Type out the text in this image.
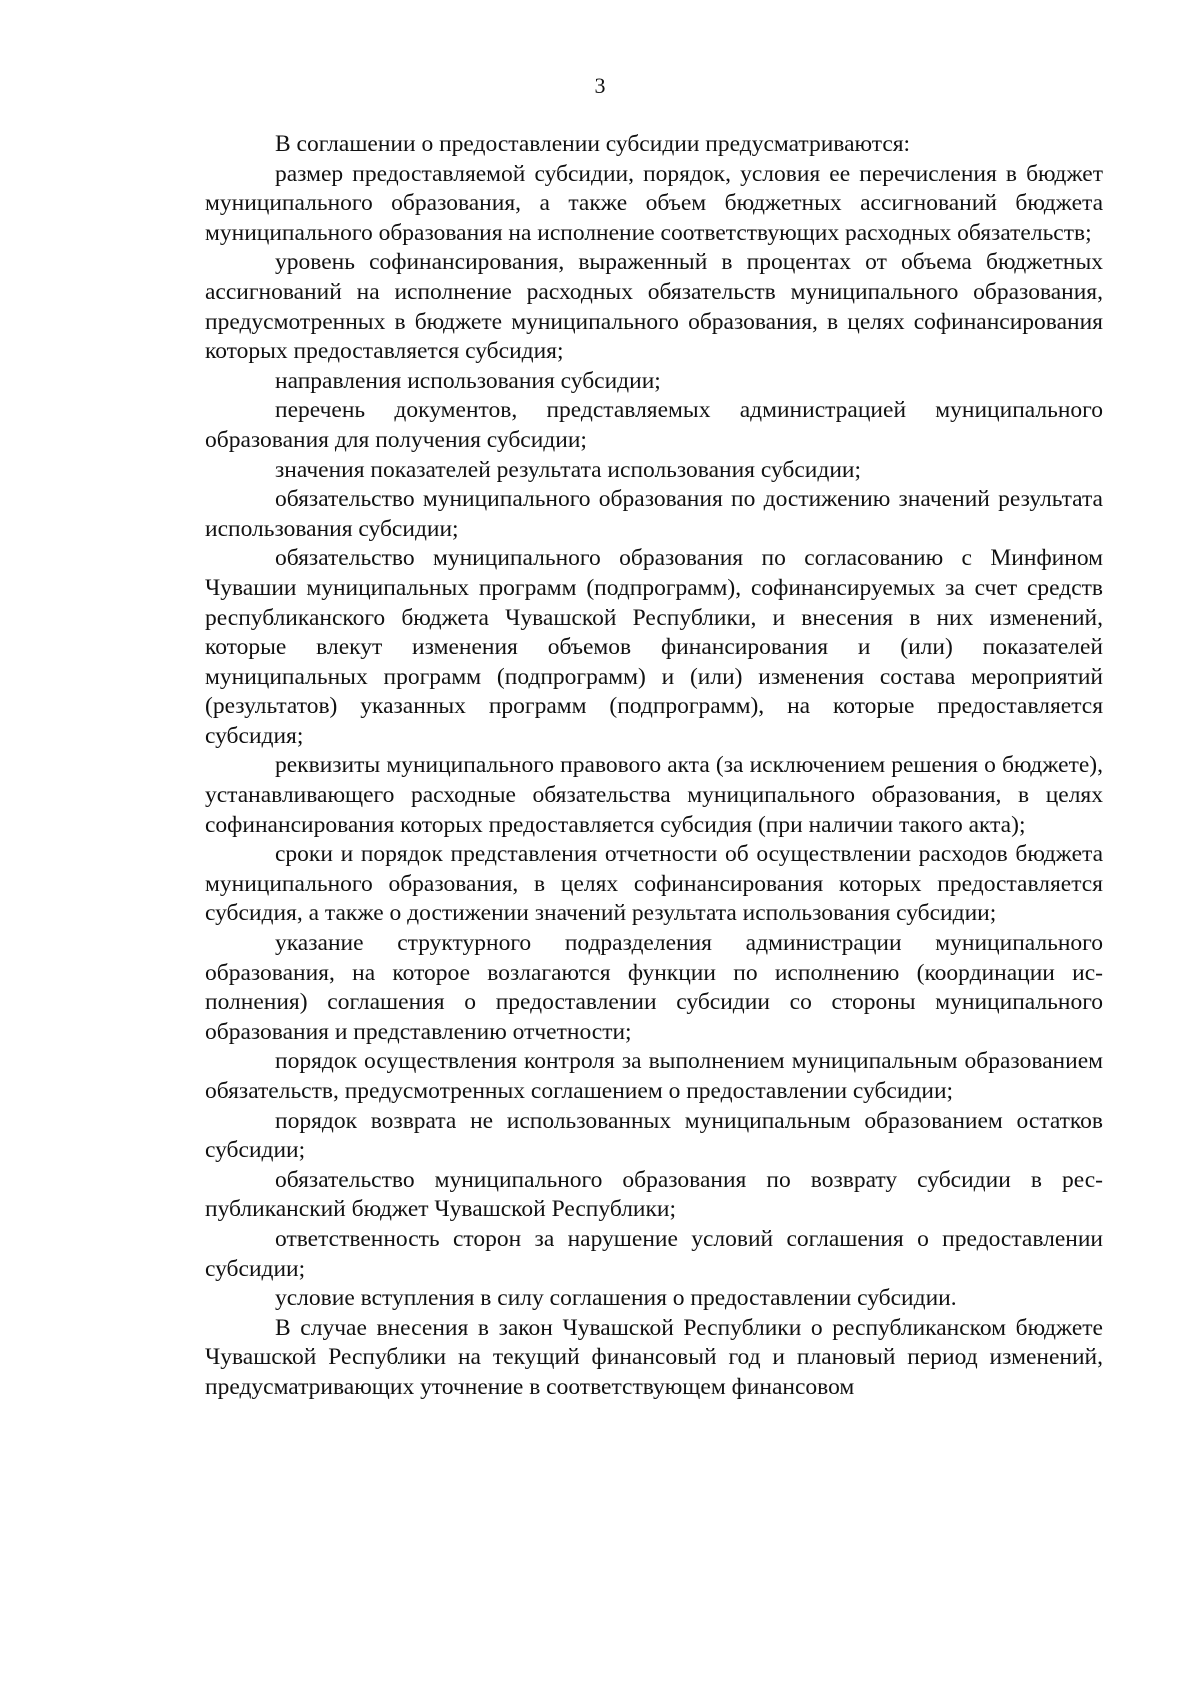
3

В соглашении о предоставлении субсидии предусматриваются:

размер предоставляемой субсидии, порядок, условия ее перечисления в бюджет муниципального образования, а также объем бюджетных ассигнований бюджета муниципального образования на исполнение соответствующих расходных обязательств;

уровень софинансирования, выраженный в процентах от объема бюджетных ассигнований на исполнение расходных обязательств муниципального образования, предусмотренных в бюджете муниципального образования, в целях софинансирования которых предоставляется субсидия;

направления использования субсидии;

перечень документов, представляемых администрацией муниципального образования для получения субсидии;

значения показателей результата использования субсидии;

обязательство муниципального образования по достижению значений результата использования субсидии;

обязательство муниципального образования по согласованию с Минфином Чувашии муниципальных программ (подпрограмм), софинансируемых за счет средств республиканского бюджета Чувашской Республики, и внесения в них изменений, которые влекут изменения объемов финансирования и (или) показателей муниципальных программ (подпрограмм) и (или) изменения состава мероприятий (результатов) указанных программ (подпрограмм), на которые предоставляется субсидия;

реквизиты муниципального правового акта (за исключением решения о бюджете), устанавливающего расходные обязательства муниципального образования, в целях софинансирования которых предоставляется субсидия (при наличии такого акта);

сроки и порядок представления отчетности об осуществлении расходов бюджета муниципального образования, в целях софинансирования которых предоставляется субсидия, а также о достижении значений результата использования субсидии;

указание структурного подразделения администрации муниципального образования, на которое возлагаются функции по исполнению (координации исполнения) соглашения о предоставлении субсидии со стороны муниципального образования и представлению отчетности;

порядок осуществления контроля за выполнением муниципальным образованием обязательств, предусмотренных соглашением о предоставлении субсидии;

порядок возврата не использованных муниципальным образованием остатков субсидии;

обязательство муниципального образования по возврату субсидии в республиканский бюджет Чувашской Республики;

ответственность сторон за нарушение условий соглашения о предоставлении субсидии;

условие вступления в силу соглашения о предоставлении субсидии.

В случае внесения в закон Чувашской Республики о республиканском бюджете Чувашской Республики на текущий финансовый год и плановый период изменений, предусматривающих уточнение в соответствующем финансовом
